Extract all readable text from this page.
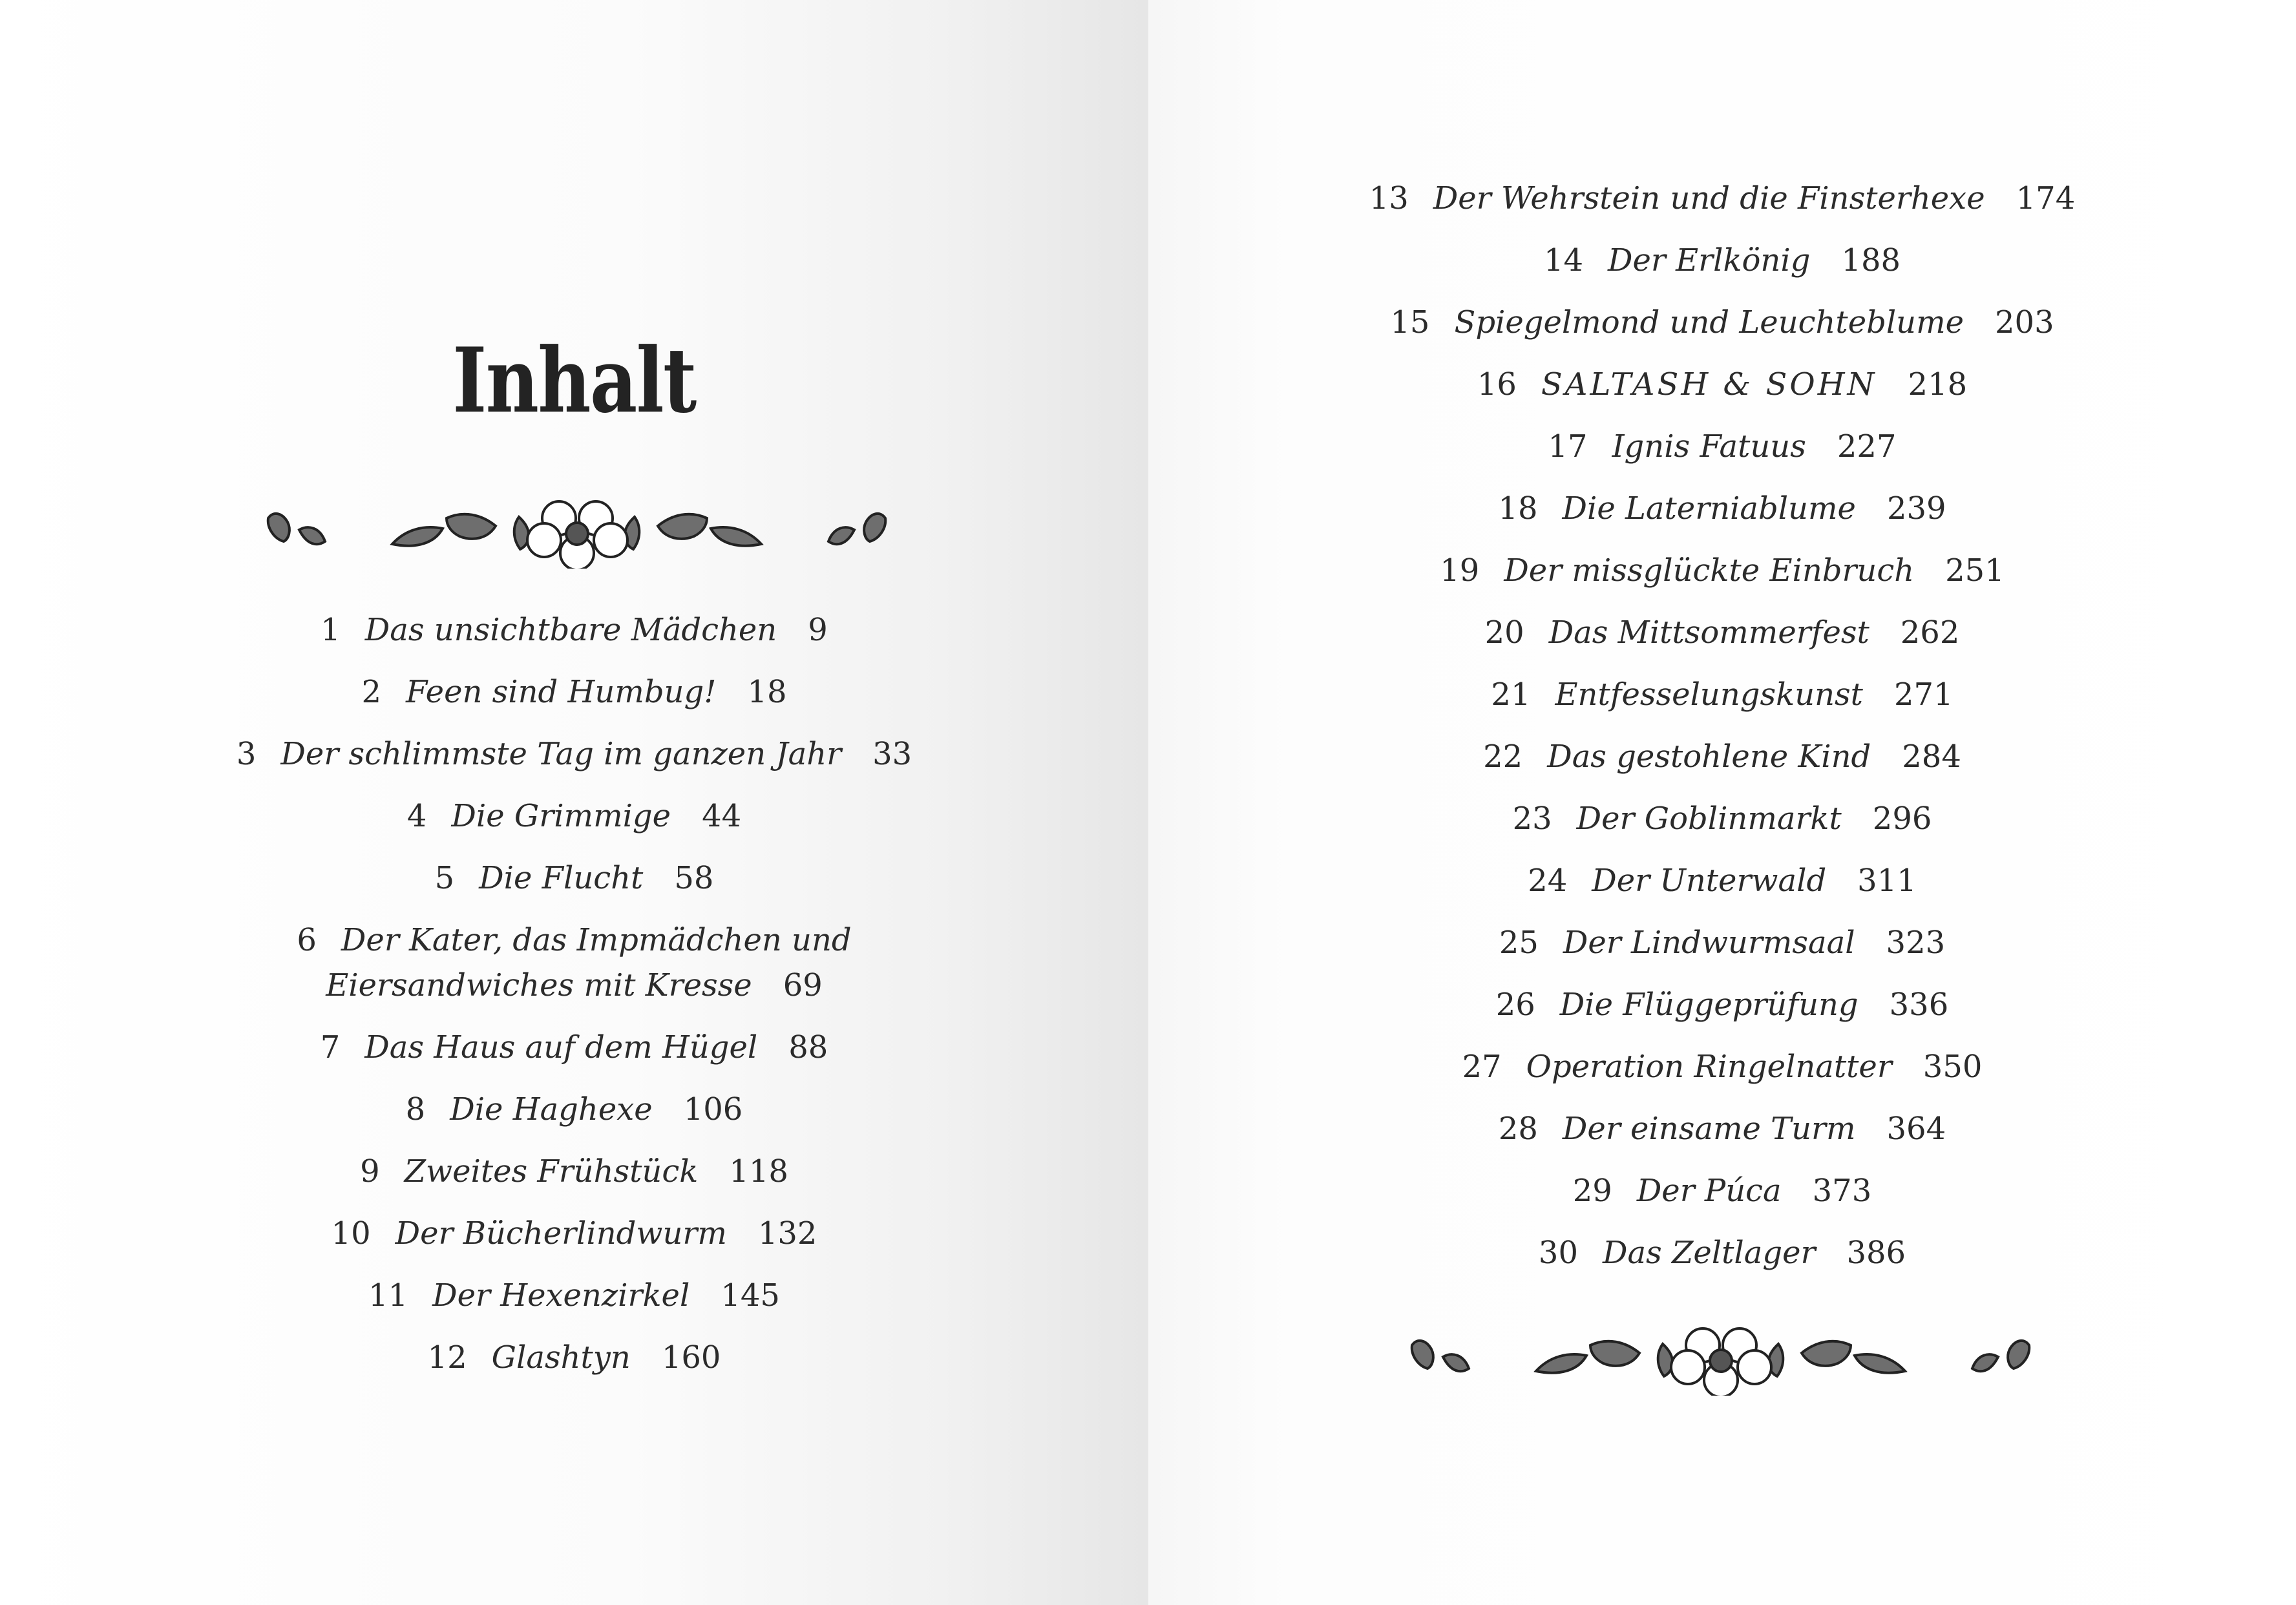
Inhalt
1 Das unsichtbare Mädchen 9
2 Feen sind Humbug! 18
3 Der schlimmste Tag im ganzen Jahr 33
4 Die Grimmige 44
5 Die Flucht 58
6 Der Kater, das Impmädchen und
Eiersandwiches mit Kresse 69
7 Das Haus auf dem Hügel 88
8 Die Haghexe 106
9 Zweites Frühstück 118
10 Der Bücherlindwurm 132
11 Der Hexenzirkel 145
12 Glashtyn 160
13 Der Wehrstein und die Finsterhexe 174
14 Der Erlkönig 188
15 Spiegelmond und Leuchteblume 203
16 SALTASH & SOHN 218
17 Ignis Fatuus 227
18 Die Laterniablume 239
19 Der missglückte Einbruch 251
20 Das Mittsommerfest 262
21 Entfesselungskunst 271
22 Das gestohlene Kind 284
23 Der Goblinmarkt 296
24 Der Unterwald 311
25 Der Lindwurmsaal 323
26 Die Flüggeprüfung 336
27 Operation Ringelnatter 350
28 Der einsame Turm 364
29 Der Púca 373
30 Das Zeltlager 386
